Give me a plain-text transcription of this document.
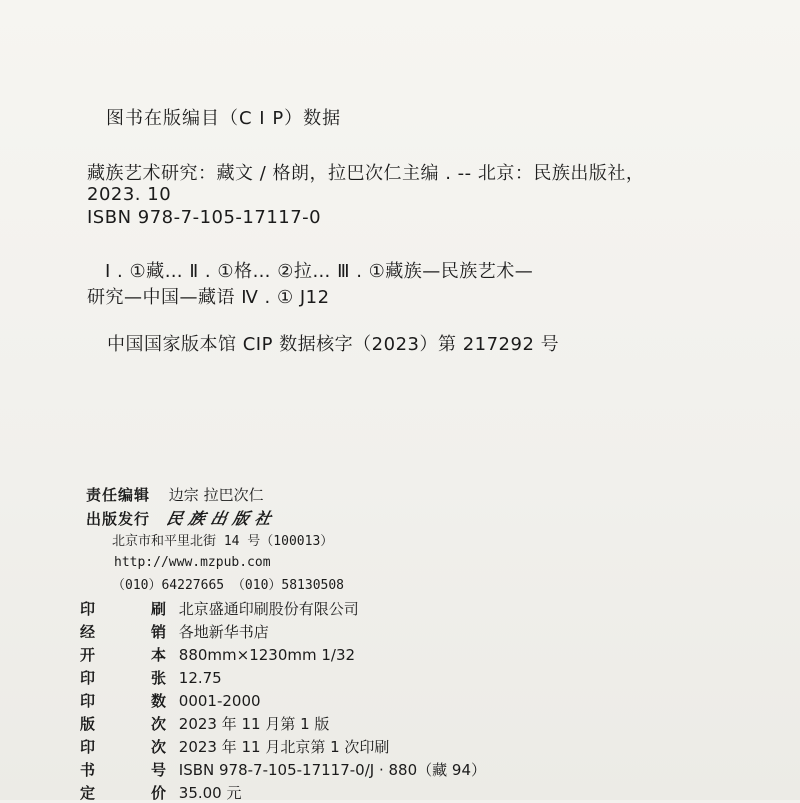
图书在版编目（C I P）数据
藏族艺术研究：藏文 / 格朗，拉巴次仁主编 . -- 北京：民族出版社，
2023. 10
ISBN 978-7-105-17117-0
Ⅰ . ①藏… Ⅱ . ①格… ②拉… Ⅲ . ①藏族—民族艺术—
研究—中国—藏语 Ⅳ . ① J12
中国国家版本馆 CIP 数据核字（2023）第 217292 号
责任编辑 边宗 拉巴次仁
出版发行 民族出版社
北京市和平里北街 14 号（100013）
http://www.mzpub.com
（010）64227665 （010）58130508
印	刷 北京盛通印刷股份有限公司
经	销 各地新华书店
开	本 880mm×1230mm 1/32
印	张 12.75
印	数 0001-2000
版	次 2023 年 11 月第 1 版
印	次 2023 年 11 月北京第 1 次印刷
书	号 ISBN 978-7-105-17117-0/J · 880（藏 94）
定	价 35.00 元
